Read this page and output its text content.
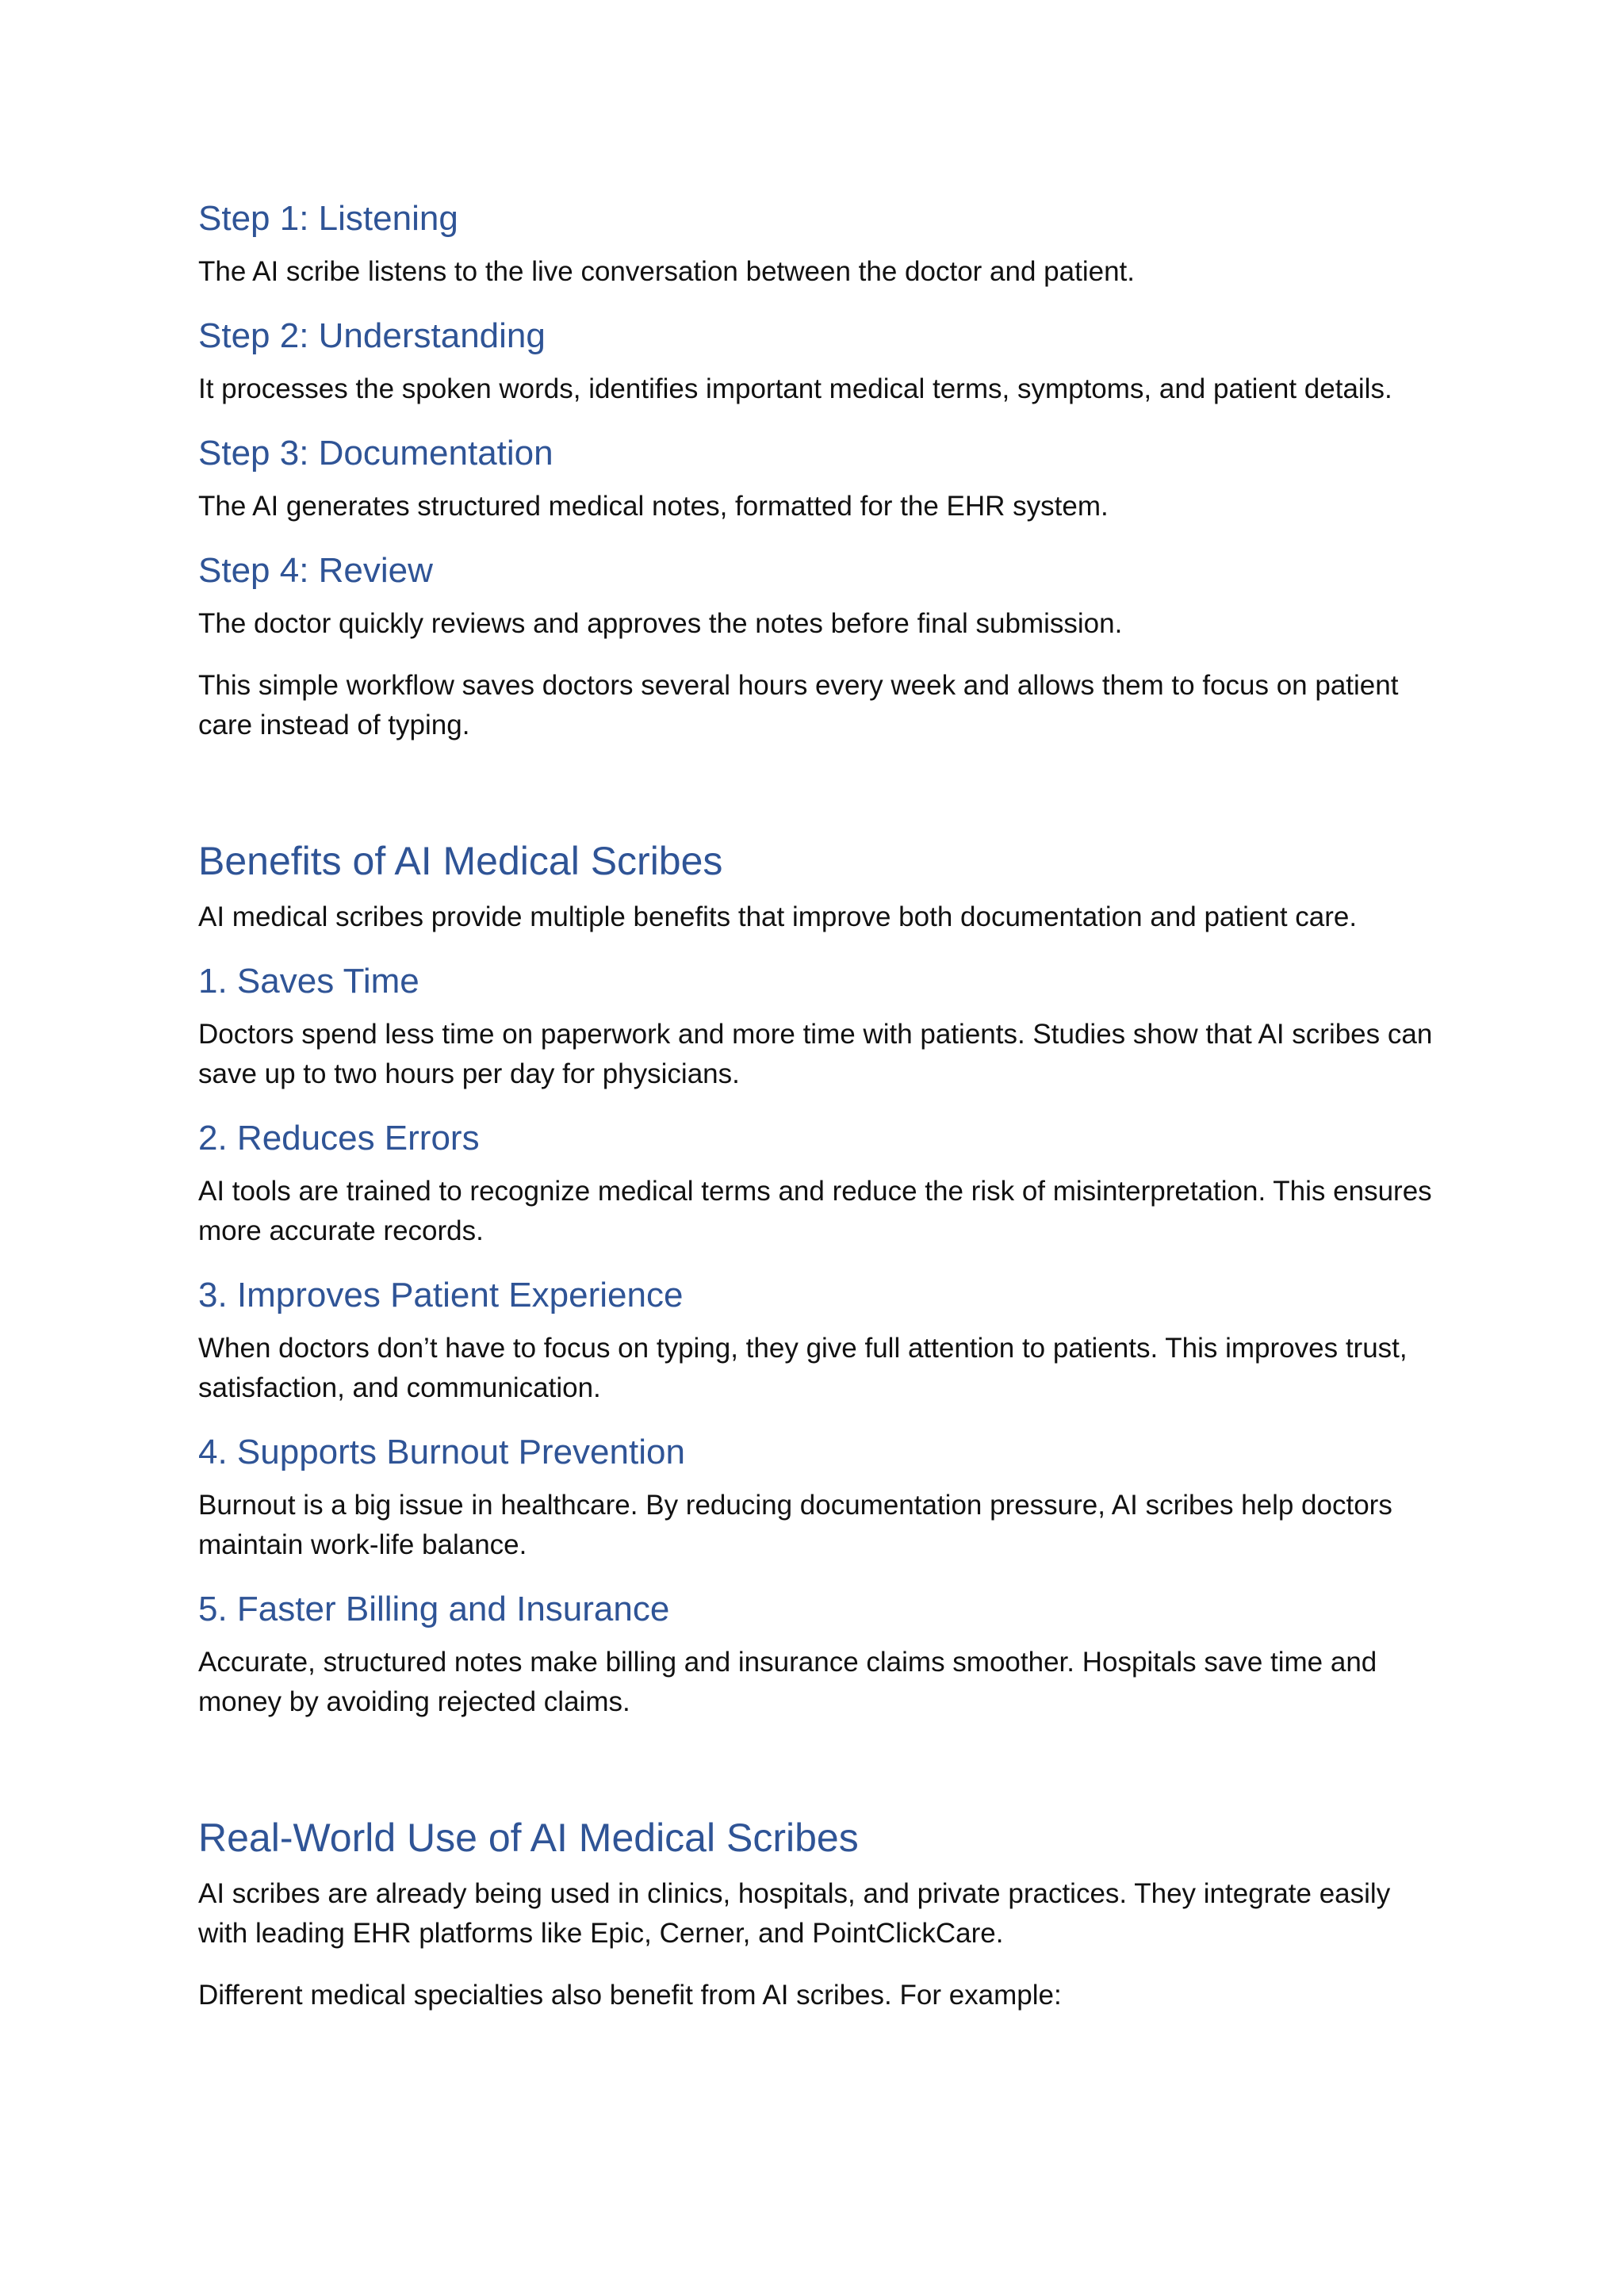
Step 1: Listening

The AI scribe listens to the live conversation between the doctor and patient.

Step 2: Understanding

It processes the spoken words, identifies important medical terms, symptoms, and patient details.

Step 3: Documentation

The AI generates structured medical notes, formatted for the EHR system.

Step 4: Review

The doctor quickly reviews and approves the notes before final submission.

This simple workflow saves doctors several hours every week and allows them to focus on patient care instead of typing.

Benefits of AI Medical Scribes

AI medical scribes provide multiple benefits that improve both documentation and patient care.

1. Saves Time

Doctors spend less time on paperwork and more time with patients. Studies show that AI scribes can save up to two hours per day for physicians.

2. Reduces Errors

AI tools are trained to recognize medical terms and reduce the risk of misinterpretation. This ensures more accurate records.

3. Improves Patient Experience

When doctors don’t have to focus on typing, they give full attention to patients. This improves trust, satisfaction, and communication.

4. Supports Burnout Prevention

Burnout is a big issue in healthcare. By reducing documentation pressure, AI scribes help doctors maintain work-life balance.

5. Faster Billing and Insurance

Accurate, structured notes make billing and insurance claims smoother. Hospitals save time and money by avoiding rejected claims.

Real-World Use of AI Medical Scribes

AI scribes are already being used in clinics, hospitals, and private practices. They integrate easily with leading EHR platforms like Epic, Cerner, and PointClickCare.

Different medical specialties also benefit from AI scribes. For example:
